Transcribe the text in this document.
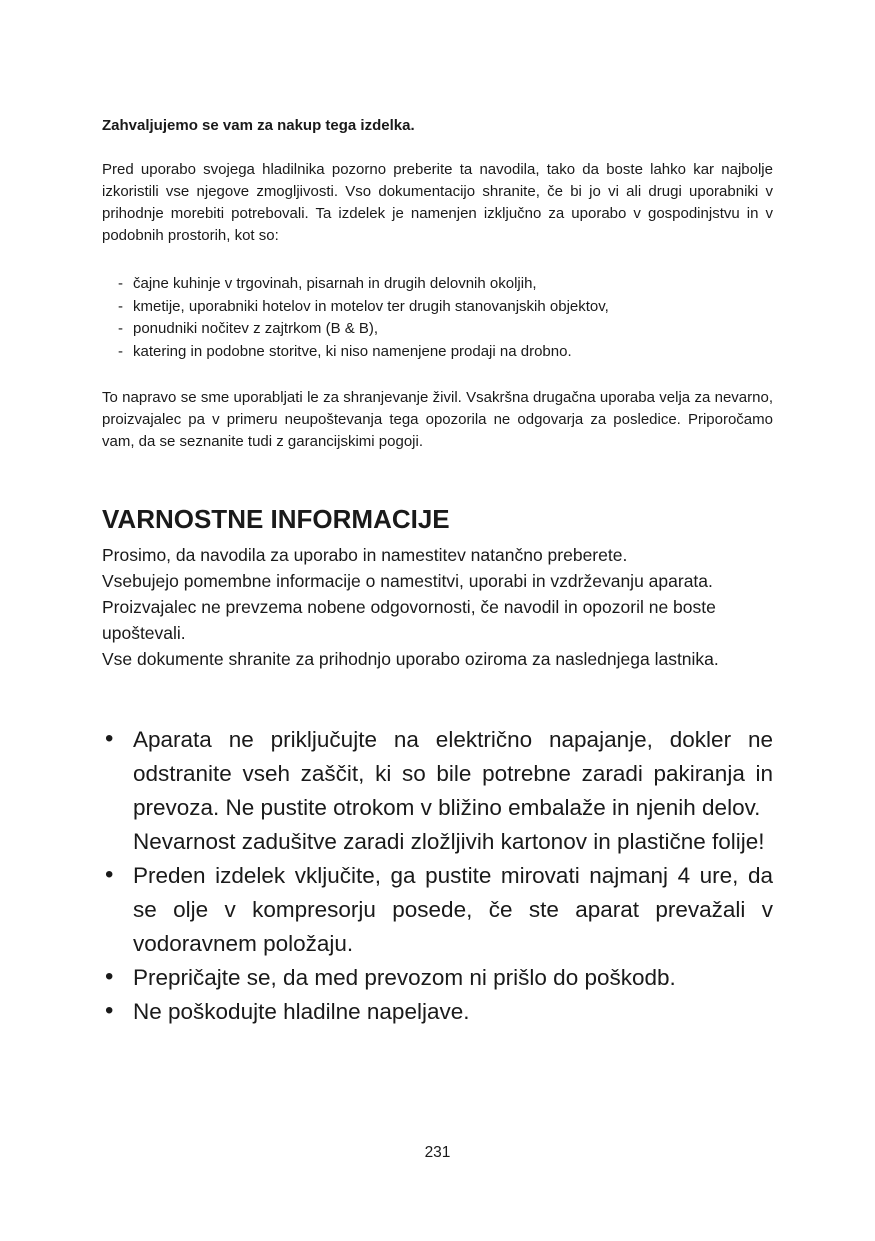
Zahvaljujemo se vam za nakup tega izdelka.

Pred uporabo svojega hladilnika pozorno preberite ta navodila, tako da boste lahko kar najbolje izkoristili vse njegove zmogljivosti. Vso dokumentacijo shranite, če bi jo vi ali drugi uporabniki v prihodnje morebiti potrebovali. Ta izdelek je namenjen izključno za uporabo v gospodinjstvu in v podobnih prostorih, kot so:

- čajne kuhinje v trgovinah, pisarnah in drugih delovnih okoljih,
- kmetije, uporabniki hotelov in motelov ter drugih stanovanjskih objektov,
- ponudniki nočitev z zajtrkom (B & B),
- katering in podobne storitve, ki niso namenjene prodaji na drobno.

To napravo se sme uporabljati le za shranjevanje živil. Vsakršna drugačna uporaba velja za nevarno, proizvajalec pa v primeru neupoštevanja tega opozorila ne odgovarja za posledice. Priporočamo vam, da se seznanite tudi z garancijskimi pogoji.

VARNOSTNE INFORMACIJE
Prosimo, da navodila za uporabo in namestitev natančno preberete.
Vsebujejo pomembne informacije o namestitvi, uporabi in vzdrževanju aparata.
Proizvajalec ne prevzema nobene odgovornosti, če navodil in opozoril ne boste upoštevali.
Vse dokumente shranite za prihodnjo uporabo oziroma za naslednjega lastnika.
• Aparata ne priključujte na električno napajanje, dokler ne odstranite vseh zaščit, ki so bile potrebne zaradi pakiranja in prevoza. Ne pustite otrokom v bližino embalaže in njenih delov.
Nevarnost zadušitve zaradi zložljivih kartonov in plastične folije!
• Preden izdelek vključite, ga pustite mirovati najmanj 4 ure, da se olje v kompresorju posede, če ste aparat prevažali v vodoravnem položaju.
• Prepričajte se, da med prevozom ni prišlo do poškodb.
• Ne poškodujte hladilne napeljave.
231
